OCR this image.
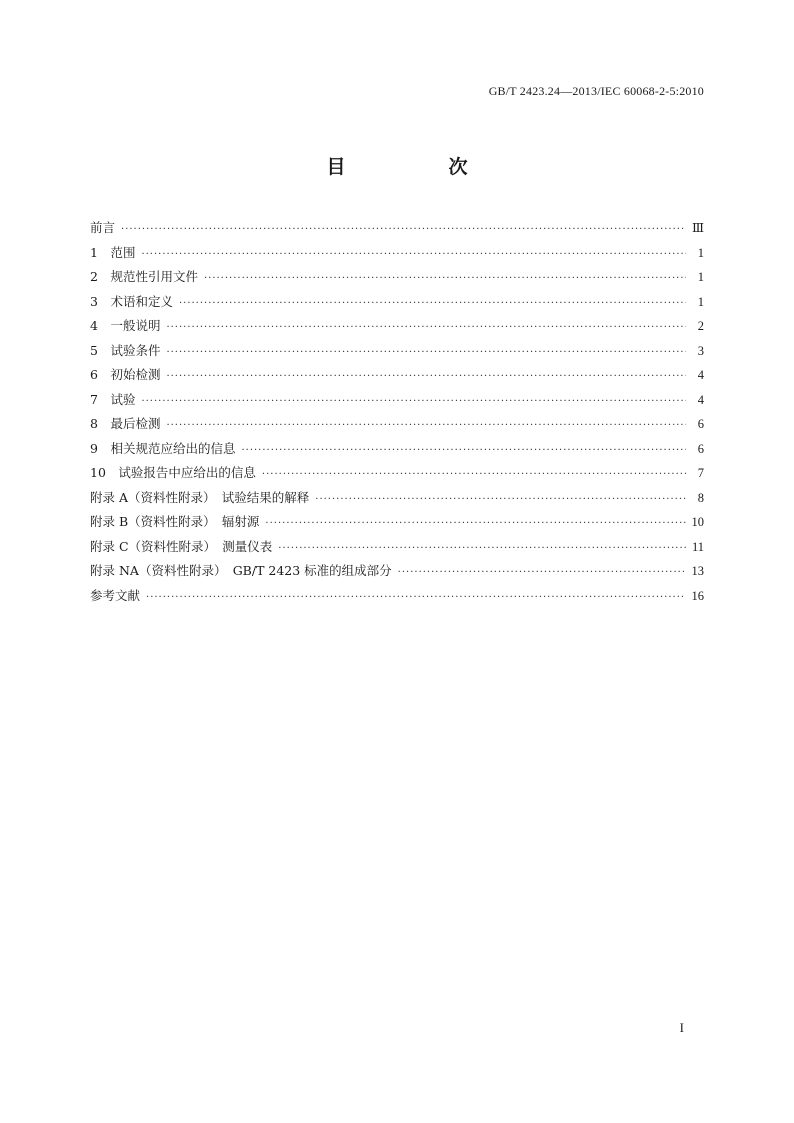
GB/T 2423.24—2013/IEC 60068-2-5:2010
目　次
前言 ·····	Ⅲ
1　范围 ·····	1
2　规范性引用文件 ·····	1
3　术语和定义 ·····	1
4　一般说明 ·····	2
5　试验条件 ·····	3
6　初始检测 ·····	4
7　试验 ·····	4
8　最后检测 ·····	6
9　相关规范应给出的信息 ·····	6
10　试验报告中应给出的信息 ·····	7
附录 A（资料性附录）　试验结果的解释 ·····	8
附录 B（资料性附录）　辐射源 ·····	10
附录 C（资料性附录）　测量仪表 ·····	11
附录 NA（资料性附录）　GB/T 2423 标准的组成部分 ·····	13
参考文献 ·····	16
I
